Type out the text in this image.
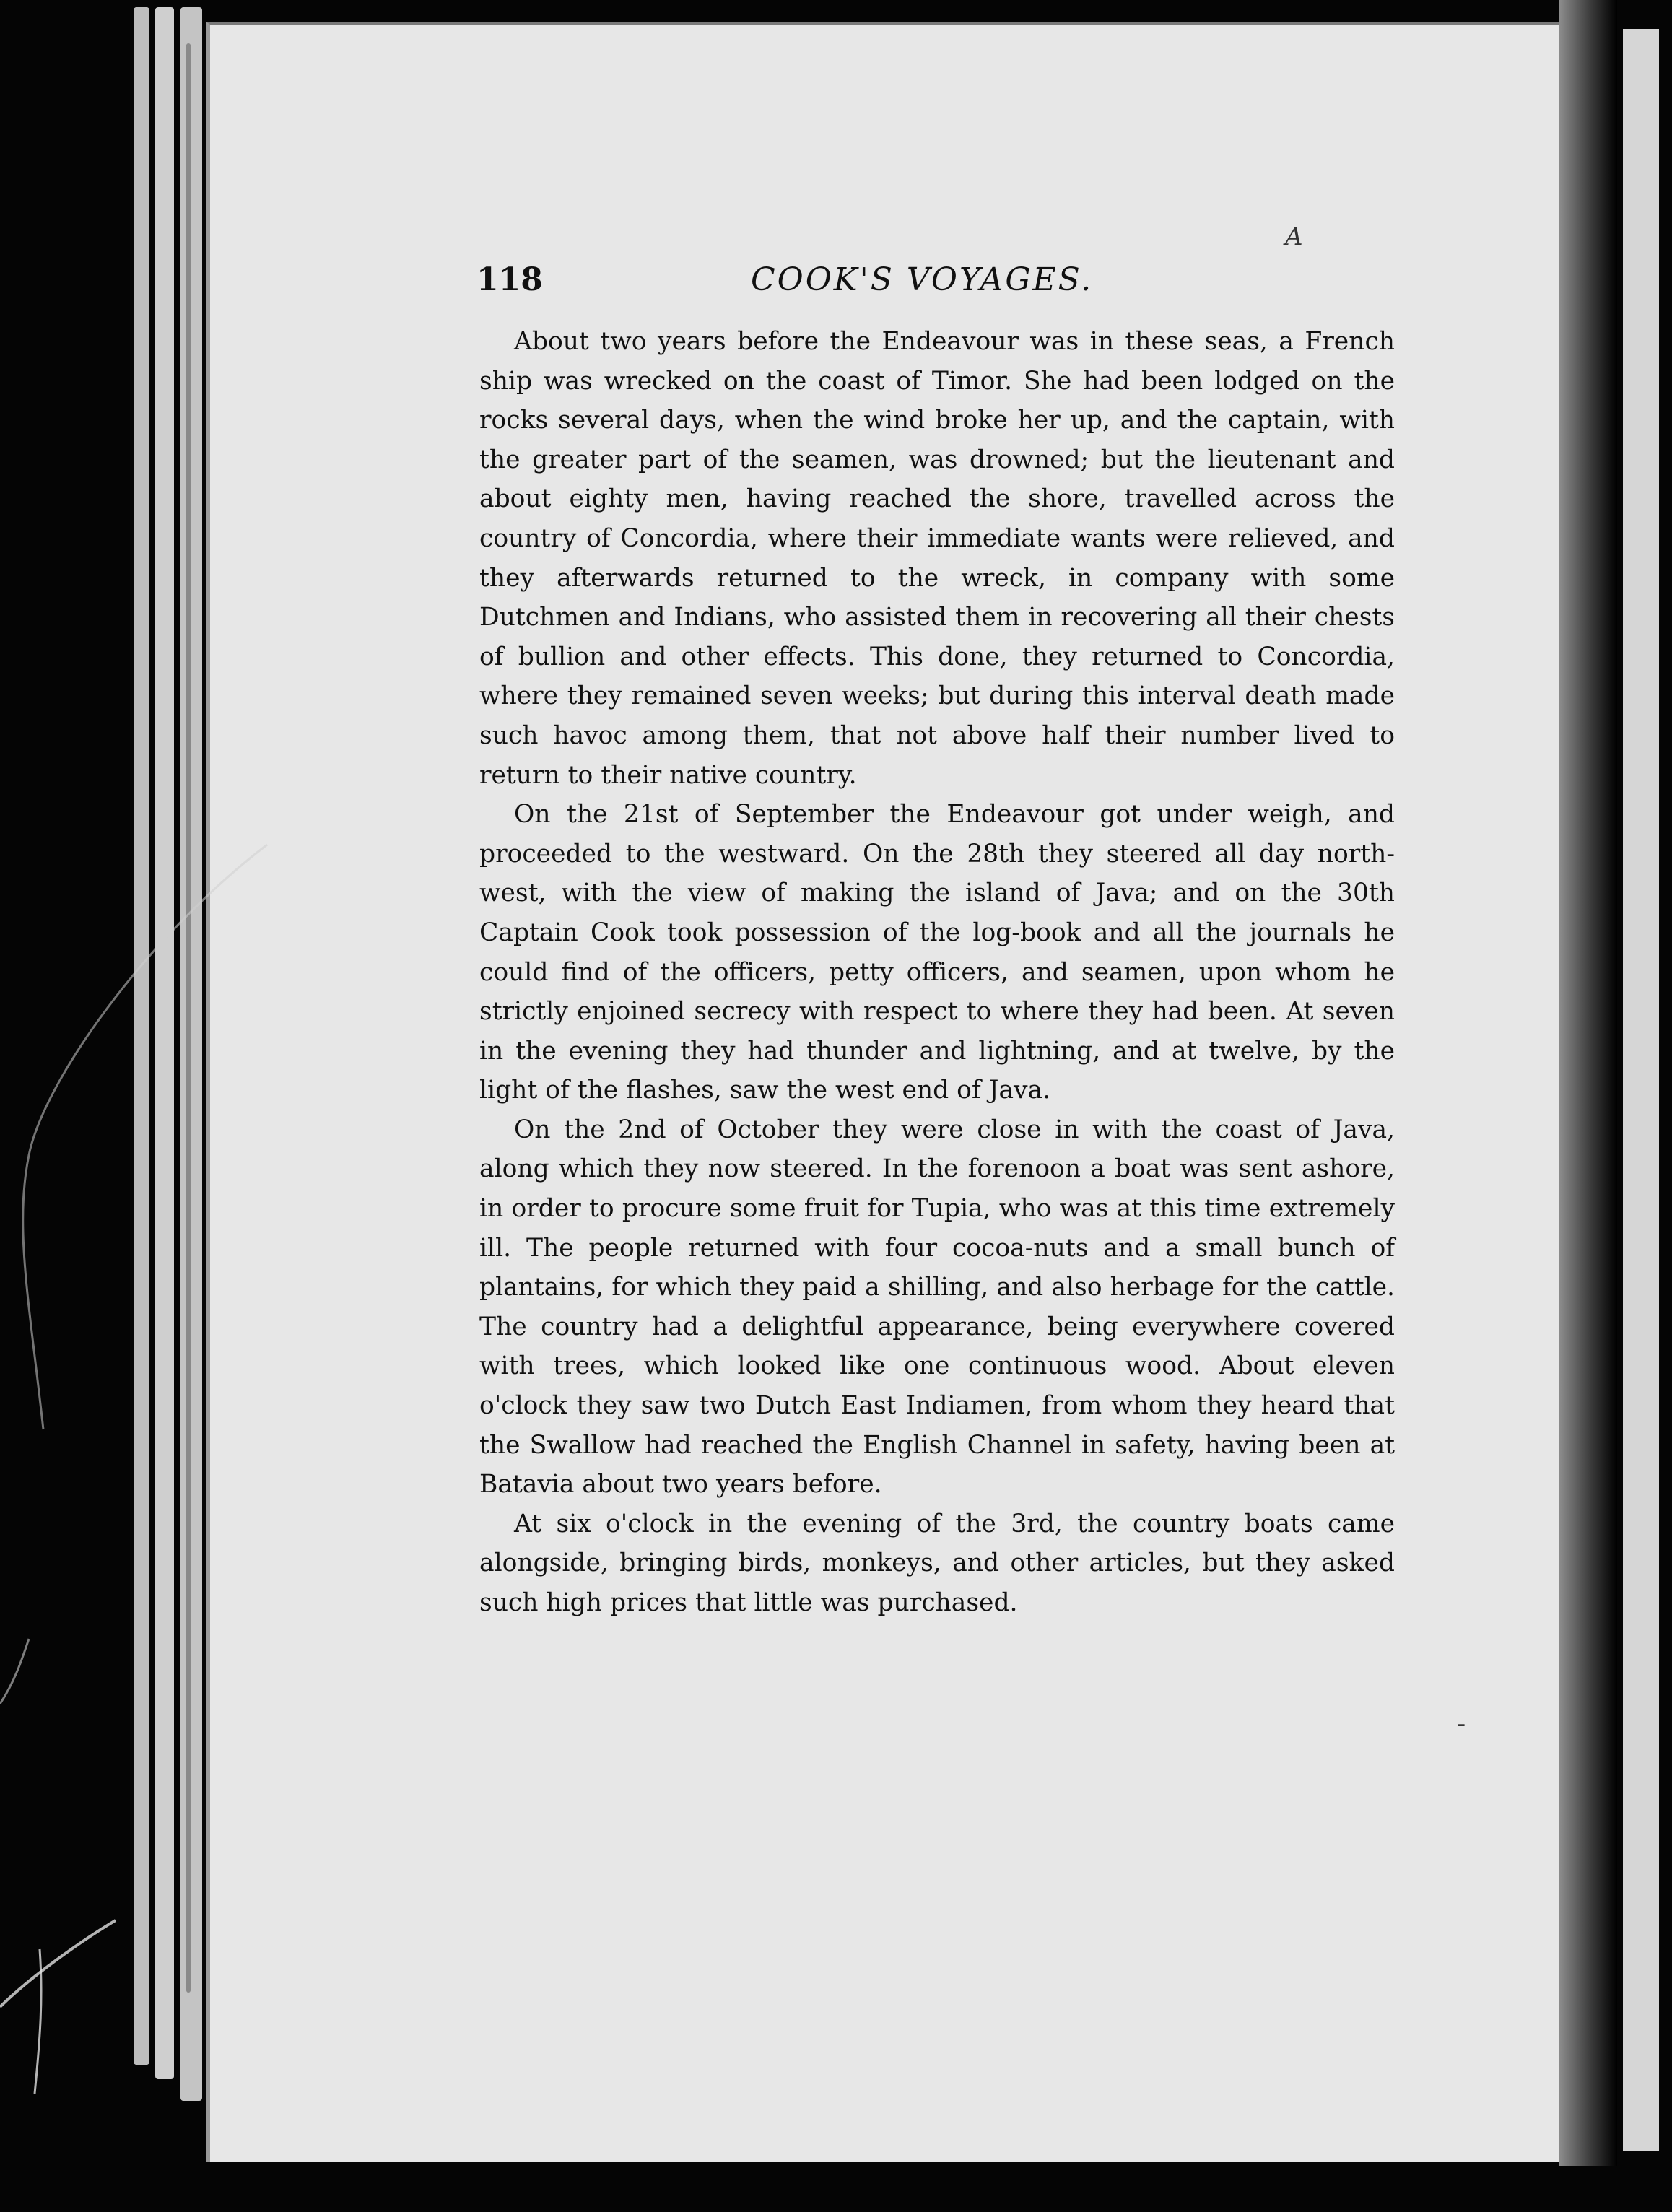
A
-
118	COOK'S VOYAGES.

About two years before the Endeavour was in these seas, a French ship was wrecked on the coast of Timor. She had been lodged on the rocks several days, when the wind broke her up, and the captain, with the greater part of the seamen, was drowned; but the lieutenant and about eighty men, having reached the shore, travelled across the country of Concordia, where their immediate wants were relieved, and they afterwards returned to the wreck, in company with some Dutchmen and Indians, who assisted them in recovering all their chests of bullion and other effects. This done, they returned to Concordia, where they remained seven weeks; but during this interval death made such havoc among them, that not above half their number lived to return to their native country.

On the 21st of September the Endeavour got under weigh, and proceeded to the westward. On the 28th they steered all day north-west, with the view of making the island of Java; and on the 30th Captain Cook took possession of the log-book and all the journals he could find of the officers, petty officers, and seamen, upon whom he strictly enjoined secrecy with respect to where they had been. At seven in the evening they had thunder and lightning, and at twelve, by the light of the flashes, saw the west end of Java.

On the 2nd of October they were close in with the coast of Java, along which they now steered. In the forenoon a boat was sent ashore, in order to procure some fruit for Tupia, who was at this time extremely ill. The people returned with four cocoa-nuts and a small bunch of plantains, for which they paid a shilling, and also herbage for the cattle. The country had a delightful appearance, being everywhere covered with trees, which looked like one continuous wood. About eleven o'clock they saw two Dutch East Indiamen, from whom they heard that the Swallow had reached the English Channel in safety, having been at Batavia about two years before.

At six o'clock in the evening of the 3rd, the country boats came alongside, bringing birds, monkeys, and other articles, but they asked such high prices that little was purchased.
